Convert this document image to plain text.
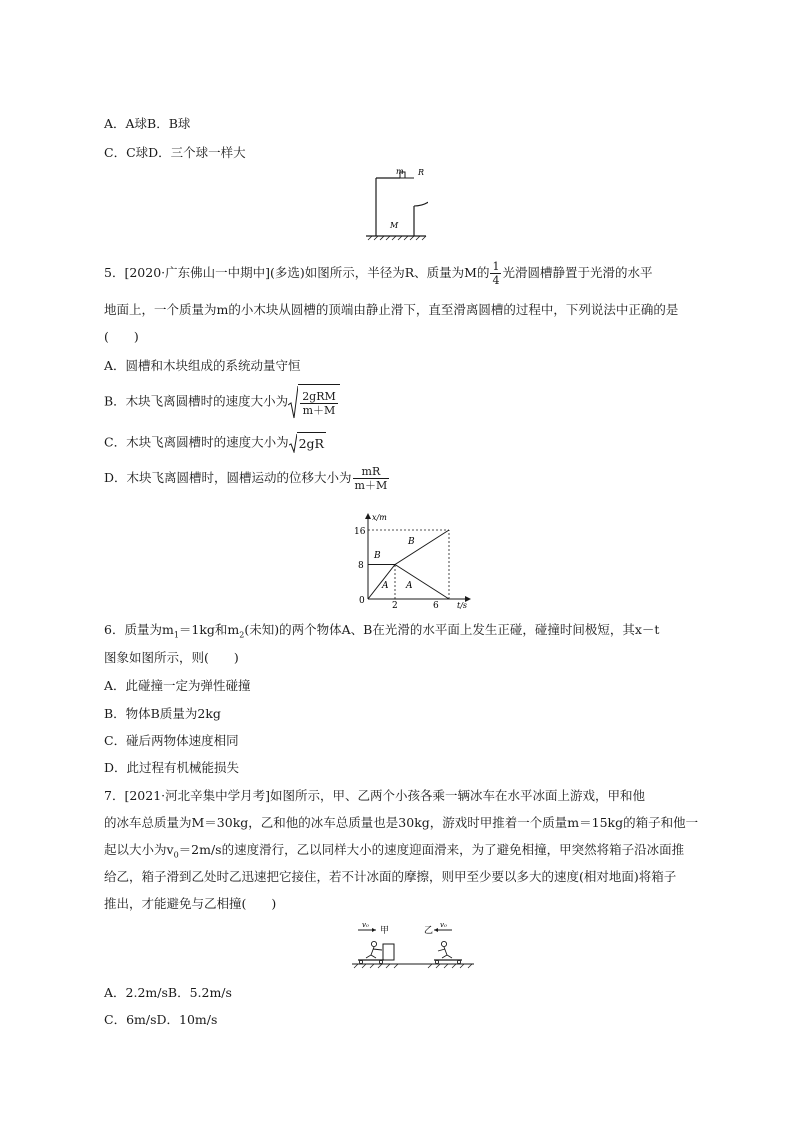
A．A球B．B球
C．C球D．三个球一样大
m R
M
5．[2020·广东佛山一中期中](多选)如图所示，半径为R、质量为M的 $\frac{1}{4}$ 光滑圆槽静置于光滑的水平
地面上，一个质量为m的小木块从圆槽的顶端由静止滑下，直至滑离圆槽的过程中，下列说法中正确的是
(　　)
A．圆槽和木块组成的系统动量守恒
B．木块飞离圆槽时的速度大小为 $\frac{\text{2gRM}}{m+M}$
C．木块飞离圆槽时的速度大小为 2gR
D．木块飞离圆槽时，圆槽运动的位移大小为 $\frac{mR}{m+M}$
x/m
t/s
16
8
0	2	6
B
B
A A
6．质量为$m_1=1kg$和$m_2$(未知)的两个物体A、B在光滑的水平面上发生正碰，碰撞时间极短，其x－t
图象如图所示，则(　　)
A．此碰撞一定为弹性碰撞
B．物体B质量为2kg
C．碰后两物体速度相同
D．此过程有机械能损失
7．[2021·河北辛集中学月考]如图所示，甲、乙两个小孩各乘一辆冰车在水平冰面上游戏，甲和他
的冰车总质量为M＝30kg，乙和他的冰车总质量也是30kg，游戏时甲推着一个质量m＝15kg的箱子和他一
起以大小为$v_0=2m/s$的速度滑行，乙以同样大小的速度迎面滑来，为了避免相撞，甲突然将箱子沿冰面推
给乙，箱子滑到乙处时乙迅速把它接住，若不计冰面的摩擦，则甲至少要以多大的速度(相对地面)将箱子
推出，才能避免与乙相撞(　　)
v₀
甲	乙
v₀
A．2.2m/sB．5.2m/s
C．6m/sD．10m/s
